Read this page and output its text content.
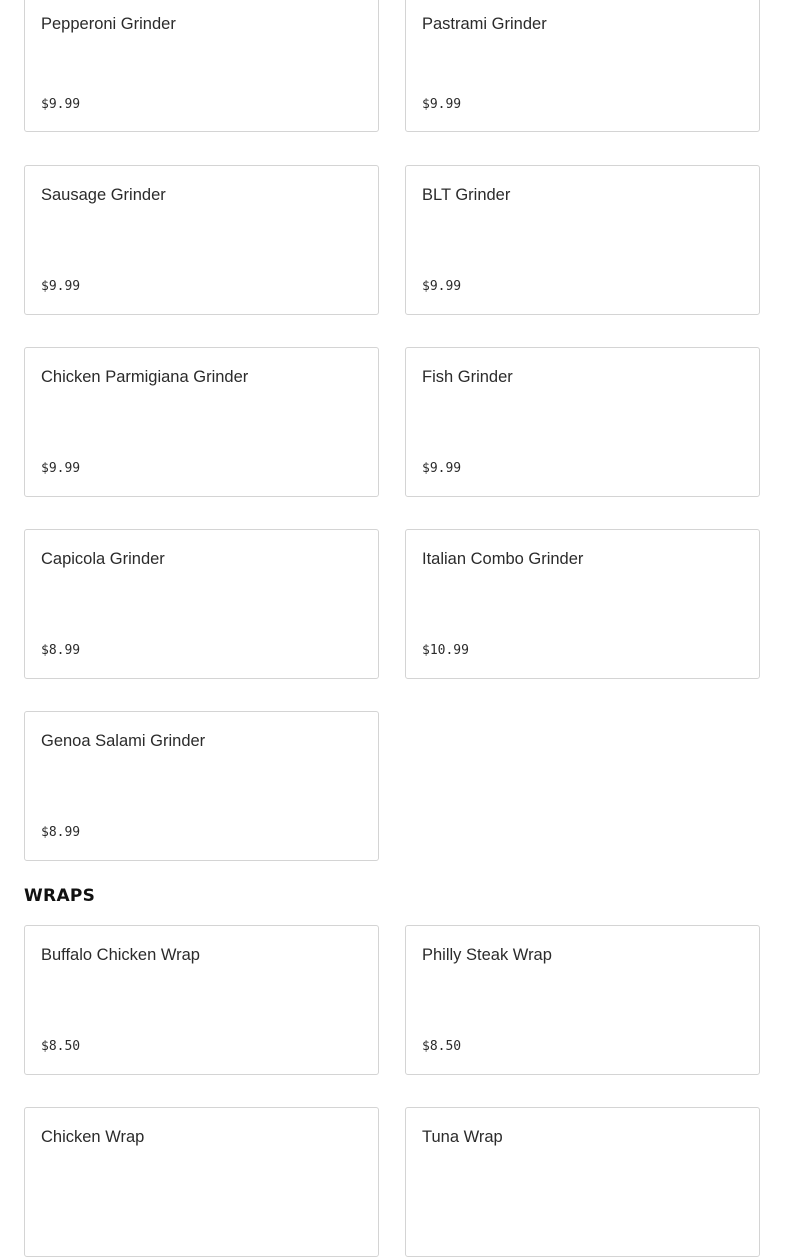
Pepperoni Grinder
$9.99
Pastrami Grinder
$9.99
Sausage Grinder
$9.99
BLT Grinder
$9.99
Chicken Parmigiana Grinder
$9.99
Fish Grinder
$9.99
Capicola Grinder
$8.99
Italian Combo Grinder
$10.99
Genoa Salami Grinder
$8.99
WRAPS
Buffalo Chicken Wrap
$8.50
Philly Steak Wrap
$8.50
Chicken Wrap	Tuna Wrap
